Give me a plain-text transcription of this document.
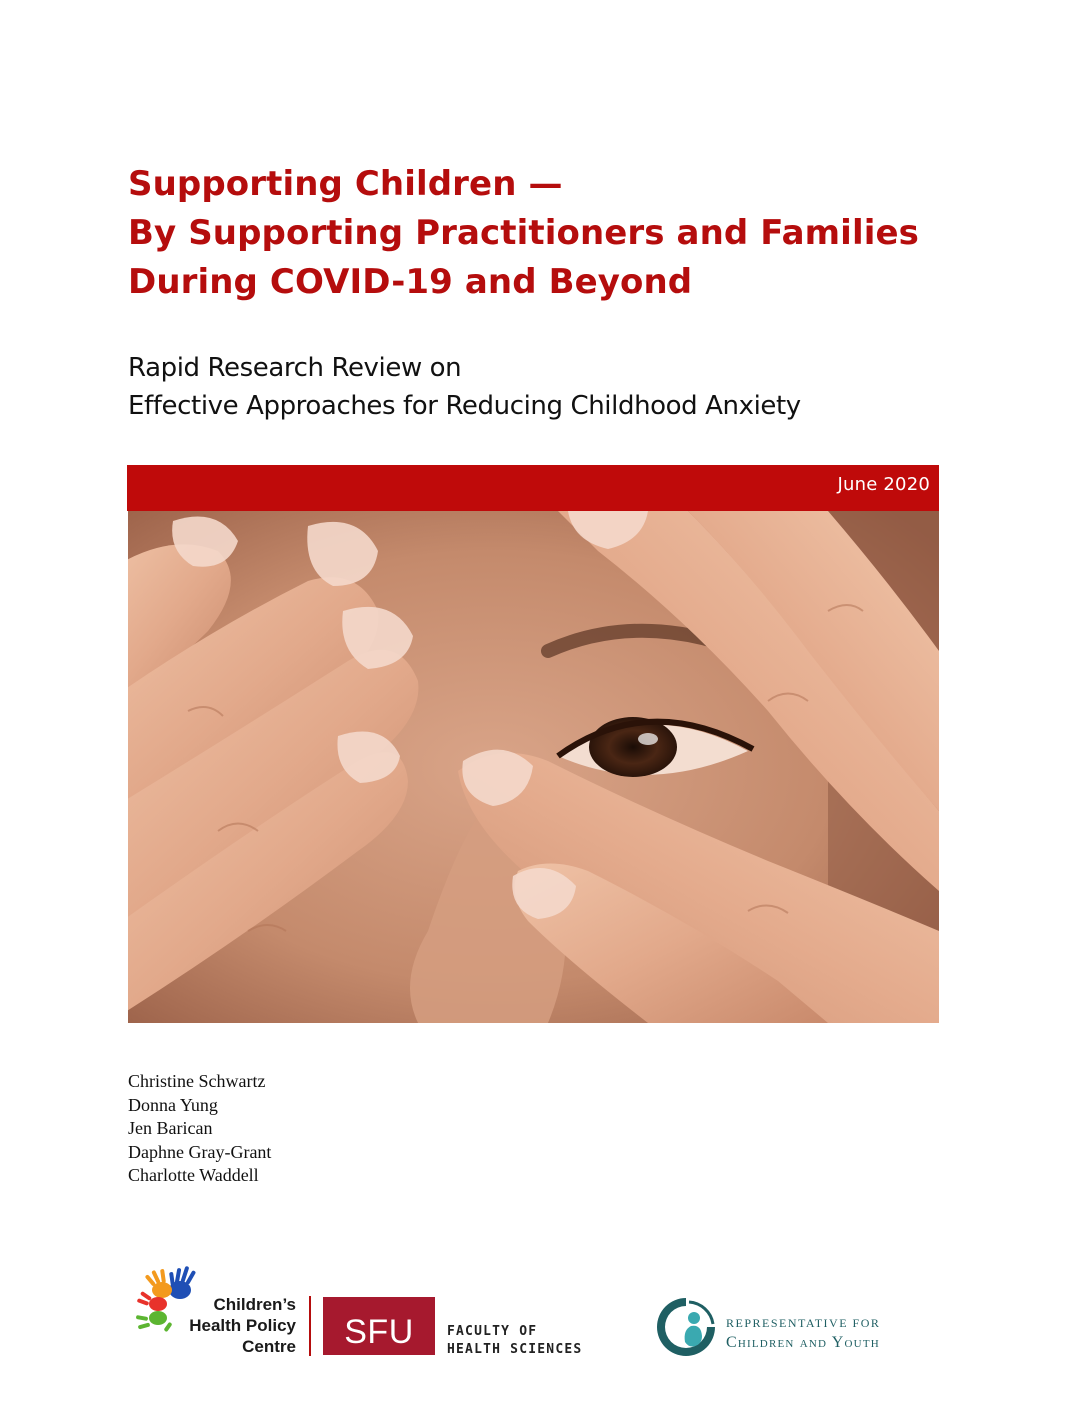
Supporting Children —
By Supporting Practitioners and Families
During COVID-19 and Beyond
Rapid Research Review on
Effective Approaches for Reducing Childhood Anxiety
June 2020
Christine Schwartz
Donna Yung
Jen Barican
Daphne Gray-Grant
Charlotte Waddell
Children’s
Health Policy
Centre SFU	FACULTY OF
HEALTH SCIENCES
REPRESENTATIVE FOR
Children and Youth
